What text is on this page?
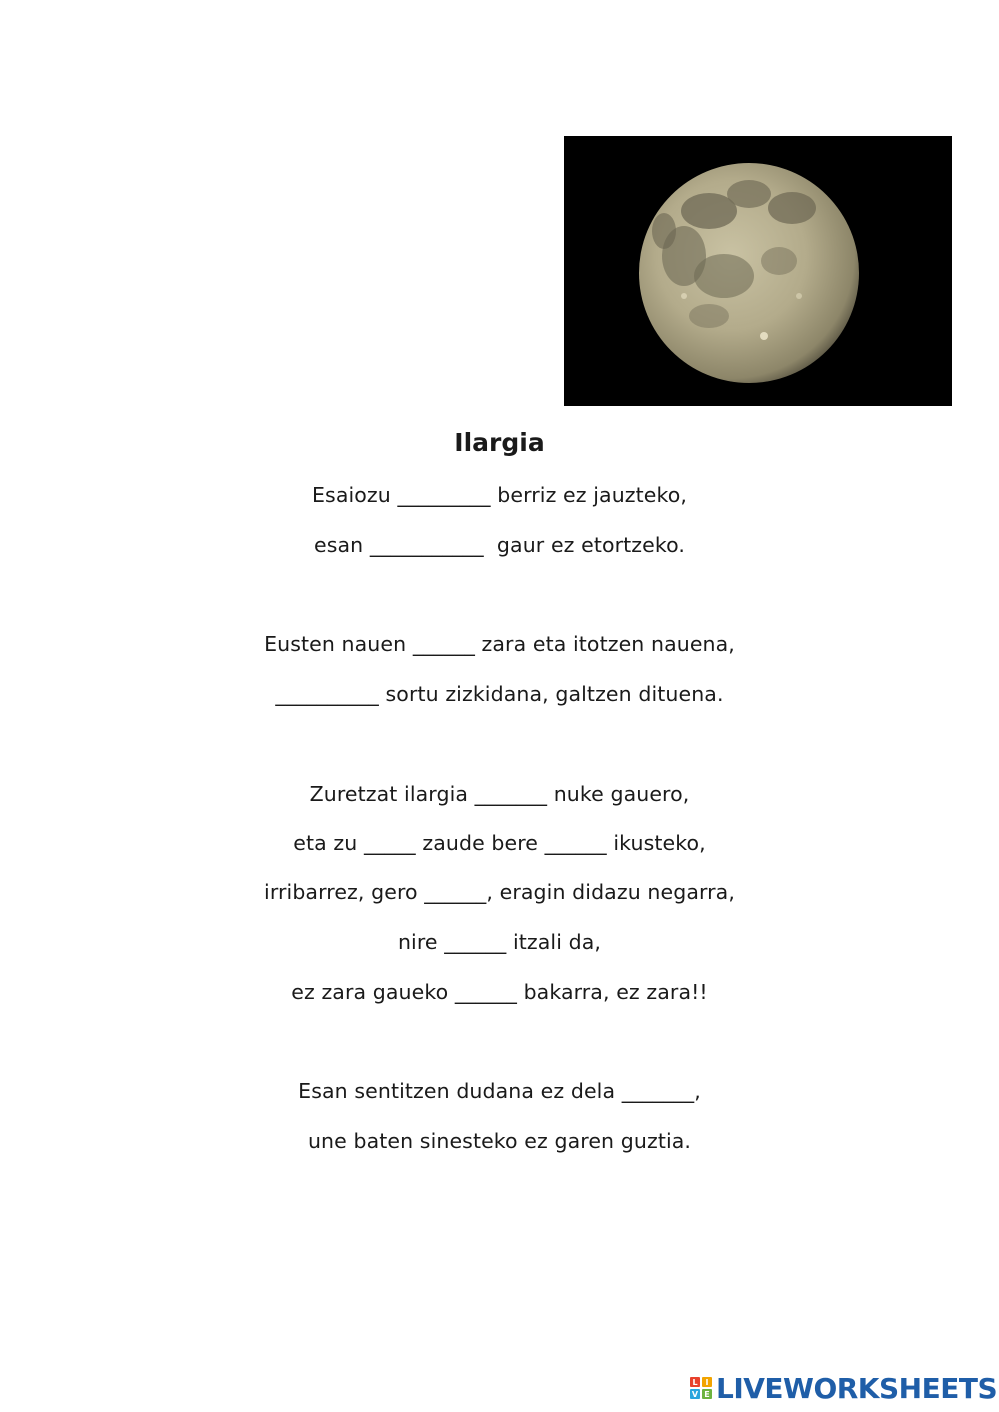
Ilargia
Esaiozu _________ berriz ez jauzteko,
esan ___________  gaur ez etortzeko.
Eusten nauen ______ zara eta itotzen nauena,
__________ sortu zizkidana, galtzen dituena.
Zuretzat ilargia _______ nuke gauero,
eta zu _____ zaude bere ______ ikusteko,
irribarrez, gero ______, eragin didazu negarra,
nire ______ itzali da,
ez zara gaueko ______ bakarra, ez zara!!
Esan sentitzen dudana ez dela _______,
une baten sinesteko ez garen guztia.
L I
V E LIVEWORKSHEETS
